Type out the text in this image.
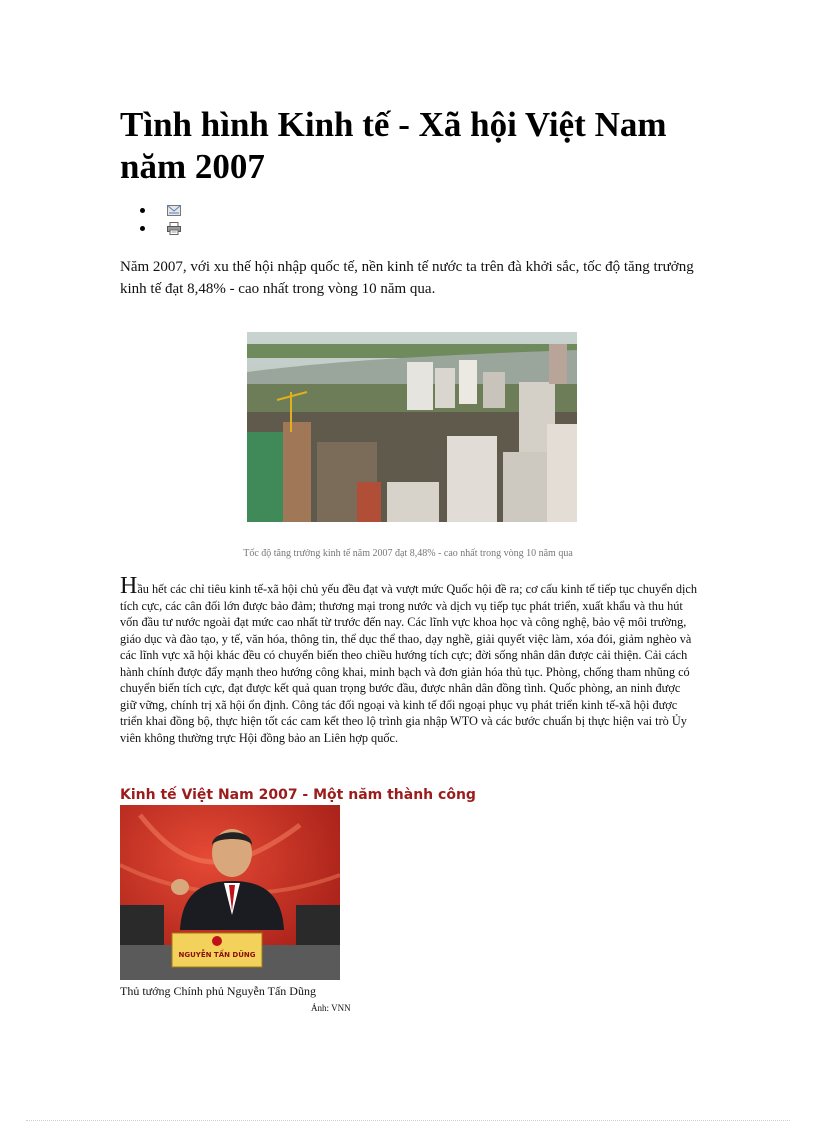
Tình hình Kinh tế - Xã hội Việt Nam năm 2007

Năm 2007, với xu thế hội nhập quốc tế, nền kinh tế nước ta trên đà khởi sắc, tốc độ tăng trưởng kinh tế đạt 8,48% - cao nhất trong vòng 10 năm qua.

Tốc độ tăng trưởng kinh tế năm 2007 đạt 8,48% - cao nhất trong vòng 10 năm qua

Hầu hết các chỉ tiêu kinh tế-xã hội chủ yếu đều đạt và vượt mức Quốc hội đề ra; cơ cấu kinh tế tiếp tục chuyển dịch tích cực, các cân đối lớn được bảo đảm; thương mại trong nước và dịch vụ tiếp tục phát triển, xuất khẩu và thu hút vốn đầu tư nước ngoài đạt mức cao nhất từ trước đến nay. Các lĩnh vực khoa học và công nghệ, bảo vệ môi trường, giáo dục và đào tạo, y tế, văn hóa, thông tin, thể dục thể thao, dạy nghề, giải quyết việc làm, xóa đói, giảm nghèo và các lĩnh vực xã hội khác đều có chuyển biến theo chiều hướng tích cực; đời sống nhân dân được cải thiện. Cải cách hành chính được đẩy mạnh theo hướng công khai, minh bạch và đơn giản hóa thủ tục. Phòng, chống tham nhũng có chuyển biến tích cực, đạt được kết quả quan trọng bước đầu, được nhân dân đồng tình. Quốc phòng, an ninh được giữ vững, chính trị xã hội ổn định. Công tác đối ngoại và kinh tế đối ngoại phục vụ phát triển kinh tế-xã hội được triển khai đồng bộ, thực hiện tốt các cam kết theo lộ trình gia nhập WTO và các bước chuẩn bị thực hiện vai trò Ủy viên không thường trực Hội đồng bảo an Liên hợp quốc.

Kinh tế Việt Nam 2007 - Một năm thành công
NGUYỄN TẤN DŨNG

Thủ tướng Chính phủ Nguyễn Tấn Dũng

Ảnh: VNN
